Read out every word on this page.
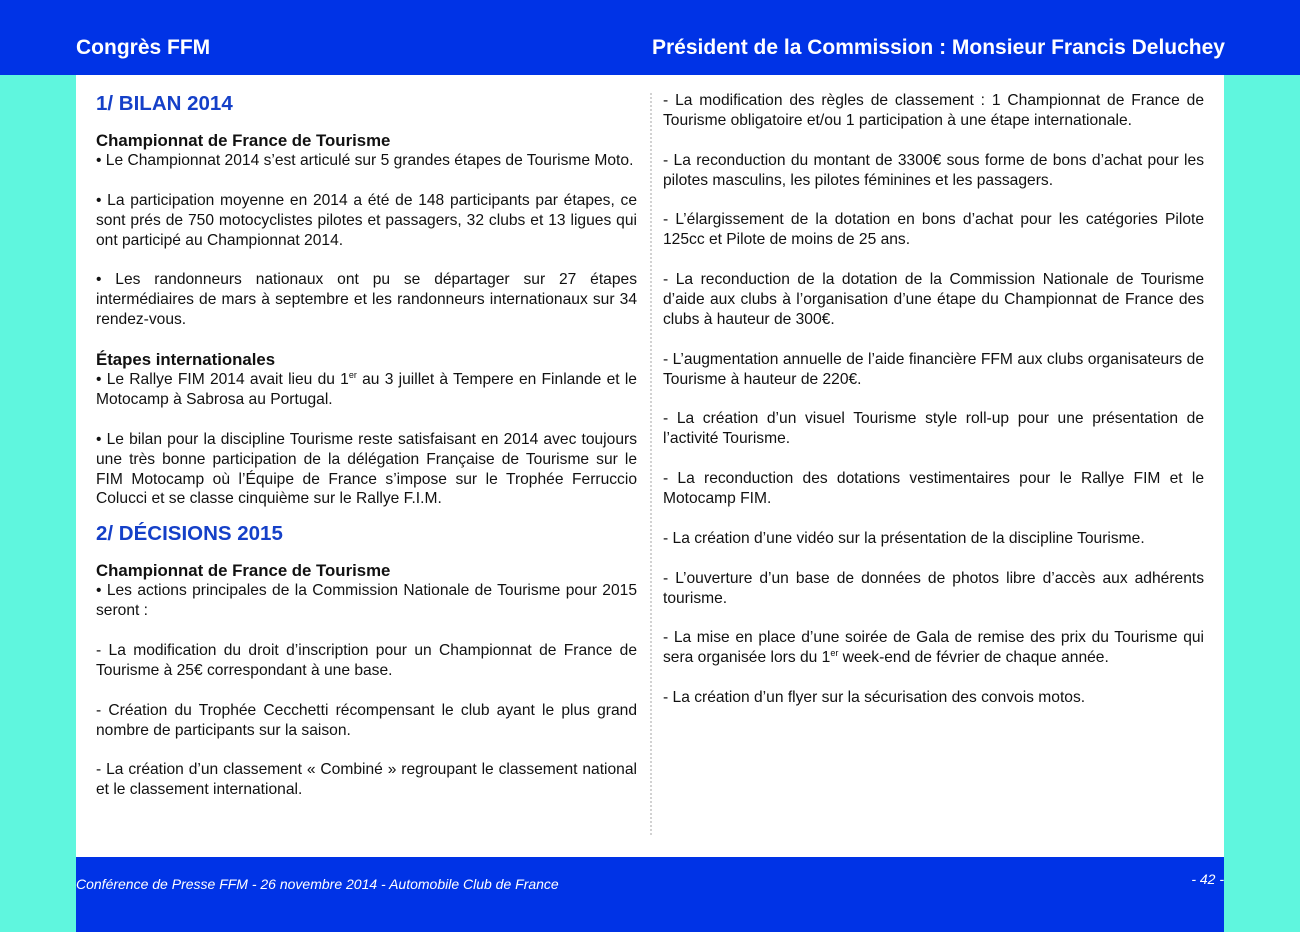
Congrès FFM	Président de la Commission : Monsieur Francis Deluchey
1/ BILAN 2014
Championnat de France de Tourisme

• Le Championnat 2014 s’est articulé sur 5 grandes étapes de Tourisme Moto.

• La participation moyenne en 2014 a été de 148 participants par étapes, ce sont prés de 750 motocyclistes pilotes et passagers, 32 clubs et 13 ligues qui ont participé au Championnat 2014.

• Les randonneurs nationaux ont pu se départager sur 27 étapes intermédiaires de mars à septembre et les randonneurs internationaux sur 34 rendez-vous.

Étapes internationales

• Le Rallye FIM 2014 avait lieu du 1er au 3 juillet à Tempere en Finlande et le Motocamp à Sabrosa au Portugal.

• Le bilan pour la discipline Tourisme reste satisfaisant en 2014 avec toujours une très bonne participation de la délégation Française de Tourisme sur le FIM Motocamp où l’Équipe de France s’impose sur le Trophée Ferruccio Colucci et se classe cinquième sur le Rallye F.I.M.

2/ DÉCISIONS 2015
Championnat de France de Tourisme

• Les actions principales de la Commission Nationale de Tourisme pour 2015 seront :

- La modification du droit d’inscription pour un Championnat de France de Tourisme à 25€ correspondant à une base.

- Création du Trophée Cecchetti récompensant le club ayant le plus grand nombre de participants sur la saison.

- La création d’un classement « Combiné » regroupant le classement national et le classement international.

- La modification des règles de classement : 1 Championnat de France de Tourisme obligatoire et/ou 1 participation à une étape internationale.

- La reconduction du montant de 3300€ sous forme de bons d’achat pour les pilotes masculins, les pilotes féminines et les passagers.

- L’élargissement de la dotation en bons d’achat pour les catégories Pilote 125cc et Pilote de moins de 25 ans.

- La reconduction de la dotation de la Commission Nationale de Tourisme d’aide aux clubs à l’organisation d’une étape du Championnat de France des clubs à hauteur de 300€.

- L’augmentation annuelle de l’aide financière FFM aux clubs organisateurs de Tourisme à hauteur de 220€.

- La création d’un visuel Tourisme style roll-up pour une présentation de l’activité Tourisme.

- La reconduction des dotations vestimentaires pour le Rallye FIM et le Motocamp FIM.

- La création d’une vidéo sur la présentation de la discipline Tourisme.

- L’ouverture d’un base de données de photos libre d’accès aux adhérents tourisme.

- La mise en place d’une soirée de Gala de remise des prix du Tourisme qui sera organisée lors du 1er week-end de février de chaque année.

- La création d’un flyer sur la sécurisation des convois motos.

Conférence de Presse FFM - 26 novembre 2014 - Automobile Club de France	- 42 -
